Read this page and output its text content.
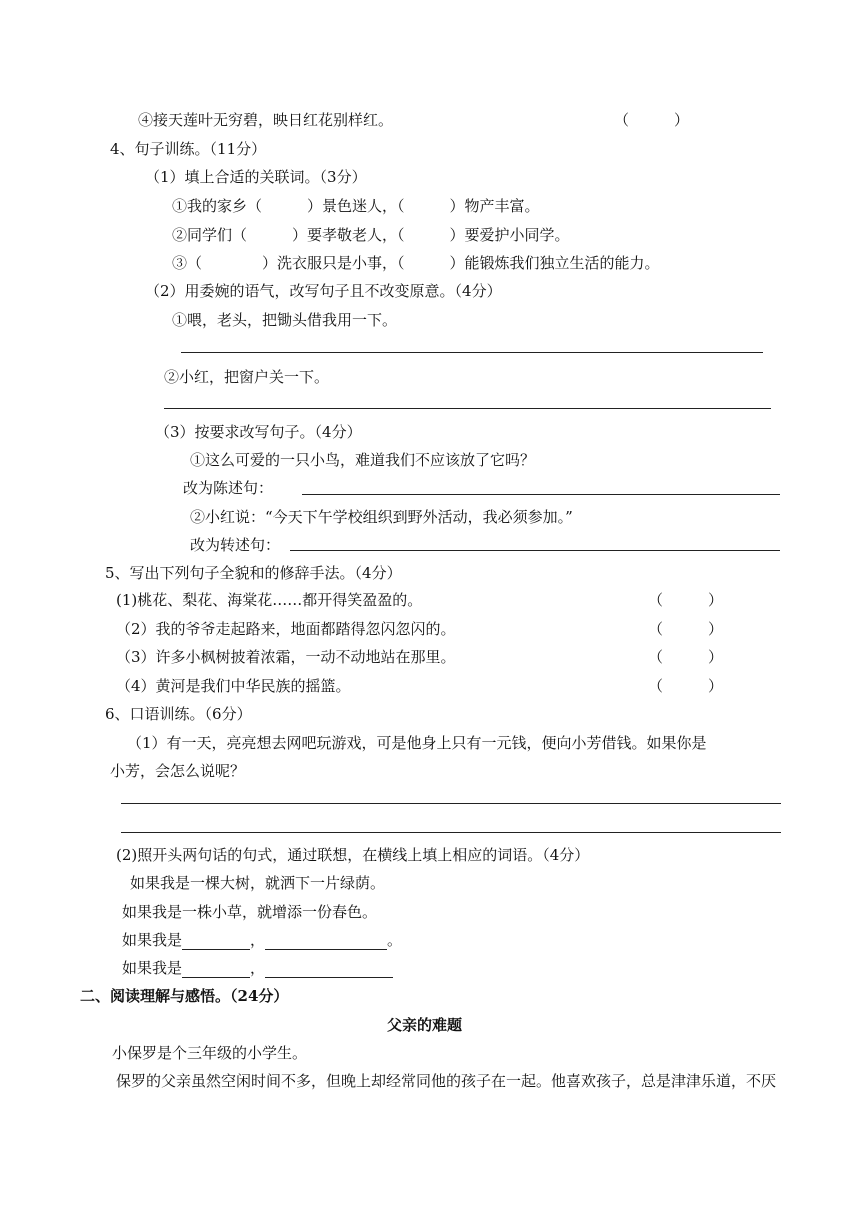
④接天莲叶无穷碧，映日红花别样红。	（　　　）
4、句子训练。（11分）
（1）填上合适的关联词。（3分）
①我的家乡（　　　）景色迷人，（　　　）物产丰富。
②同学们（　　　）要孝敬老人，（　　　）要爱护小同学。
③（　　　　）洗衣服只是小事，（　　　）能锻炼我们独立生活的能力。
（2）用委婉的语气，改写句子且不改变原意。（4分）
①喂，老头，把锄头借我用一下。
②小红，把窗户关一下。
（3）按要求改写句子。（4分）
①这么可爱的一只小鸟，难道我们不应该放了它吗？
改为陈述句：
②小红说：“今天下午学校组织到野外活动，我必须参加。”
改为转述句：
5、写出下列句子全貌和的修辞手法。（4分）
(1)桃花、梨花、海棠花……都开得笑盈盈的。	（　　　）
（2）我的爷爷走起路来，地面都踏得忽闪忽闪的。	（　　　）
（3）许多小枫树披着浓霜，一动不动地站在那里。	（　　　）
（4）黄河是我们中华民族的摇篮。	（　　　）
6、口语训练。（6分）
（1）有一天，亮亮想去网吧玩游戏，可是他身上只有一元钱，便向小芳借钱。如果你是
小芳，会怎么说呢？
(2)照开头两句话的句式，通过联想，在横线上填上相应的词语。（4分）
如果我是一棵大树，就洒下一片绿荫。
如果我是一株小草，就增添一份春色。
如果我是	，	。
如果我是	，
二、阅读理解与感悟。（24分）
父亲的难题
小保罗是个三年级的小学生。
保罗的父亲虽然空闲时间不多，但晚上却经常同他的孩子在一起。他喜欢孩子，总是津津乐道，不厌
